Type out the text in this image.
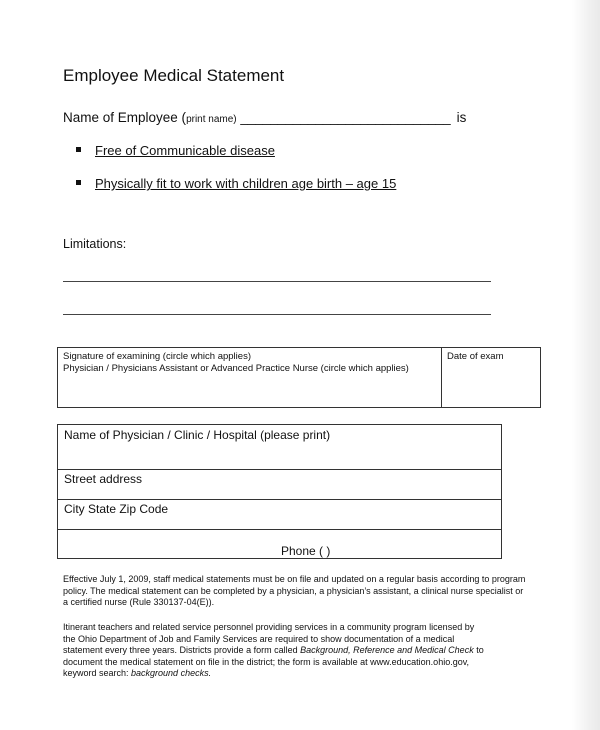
Employee Medical Statement
Name of Employee (print name) ____________________________ is
Free of Communicable disease
Physically fit to work with children age birth – age 15
Limitations:
Signature of examining (circle which applies)
Physician / Physicians Assistant or Advanced Practice Nurse (circle which applies)
Date of exam
Name of Physician / Clinic / Hospital (please print)
Street address
City State Zip Code
Phone ( )

Effective July 1, 2009, staff medical statements must be on file and updated on a regular basis according to program

policy. The medical statement can be completed by a physician, a physician’s assistant, a clinical nurse specialist or

a certified nurse (Rule 330137-04(E)).

Itinerant teachers and related service personnel providing services in a community program licensed by

the Ohio Department of Job and Family Services are required to show documentation of a medical

statement every three years. Districts provide a form called Background, Reference and Medical Check to

document the medical statement on file in the district; the form is available at www.education.ohio.gov,

keyword search: background checks.
